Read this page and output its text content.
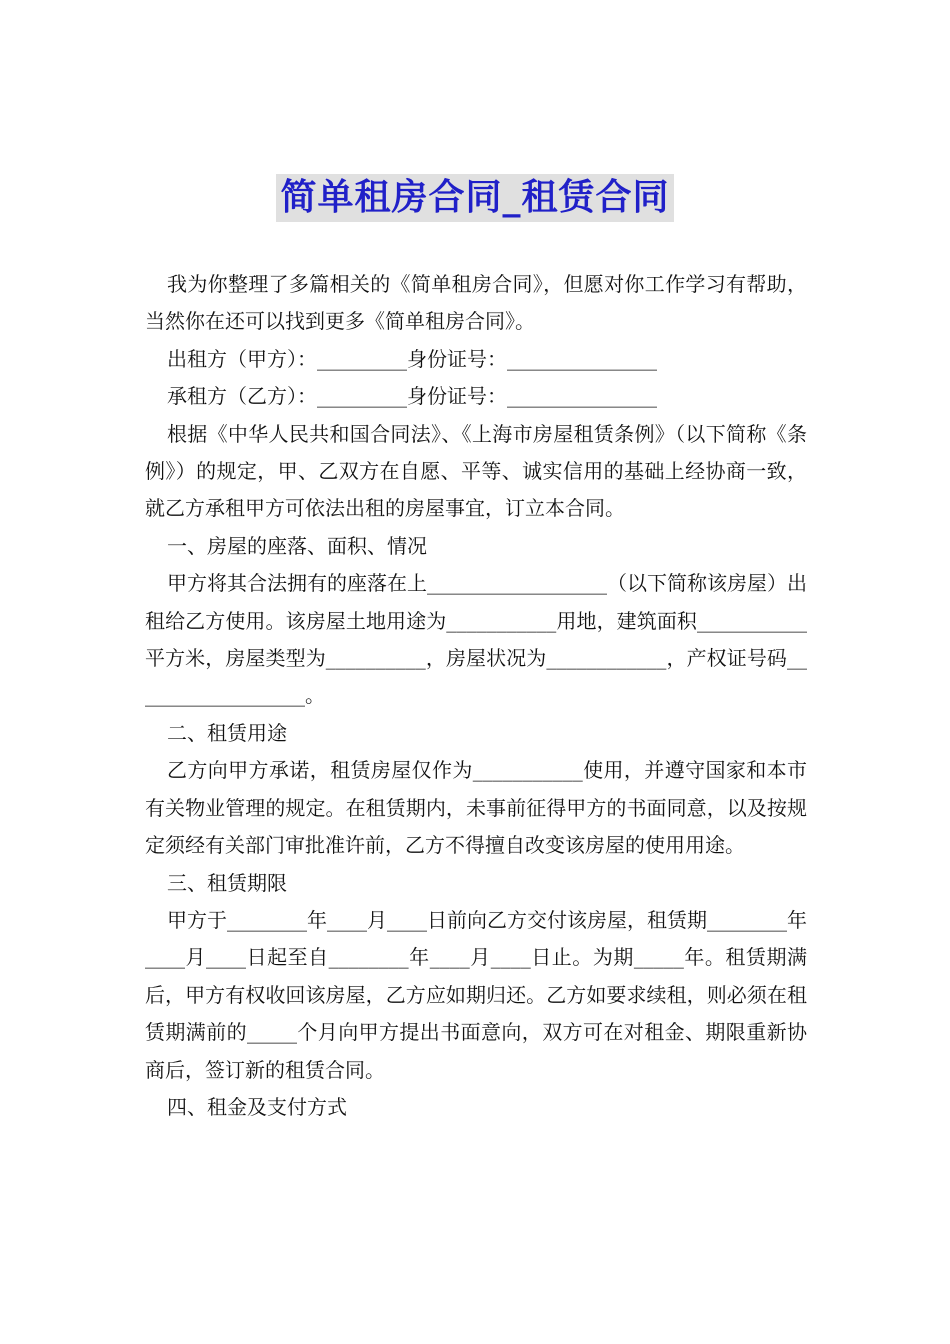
简单租房合同_租赁合同

我为你整理了多篇相关的《简单租房合同》，但愿对你工作学习有帮助，当然你在还可以找到更多《简单租房合同》。

出租方（甲方）：_________身份证号：_______________

承租方（乙方）：_________身份证号：_______________

根据《中华人民共和国合同法》、《上海市房屋租赁条例》（以下简称《条例》）的规定，甲、乙双方在自愿、平等、诚实信用的基础上经协商一致，就乙方承租甲方可依法出租的房屋事宜，订立本合同。

一、房屋的座落、面积、情况

甲方将其合法拥有的座落在上__________________（以下简称该房屋）出租给乙方使用。该房屋土地用途为___________用地，建筑面积___________平方米，房屋类型为__________，房屋状况为____________，产权证号码__________________。

二、租赁用途

乙方向甲方承诺，租赁房屋仅作为___________使用，并遵守国家和本市有关物业管理的规定。在租赁期内，未事前征得甲方的书面同意，以及按规定须经有关部门审批准许前，乙方不得擅自改变该房屋的使用用途。

三、租赁期限

甲方于________年____月____日前向乙方交付该房屋，租赁期________年____月____日起至自________年____月____日止。为期_____年。租赁期满后，甲方有权收回该房屋，乙方应如期归还。乙方如要求续租，则必须在租赁期满前的_____个月向甲方提出书面意向，双方可在对租金、期限重新协商后，签订新的租赁合同。

四、租金及支付方式
